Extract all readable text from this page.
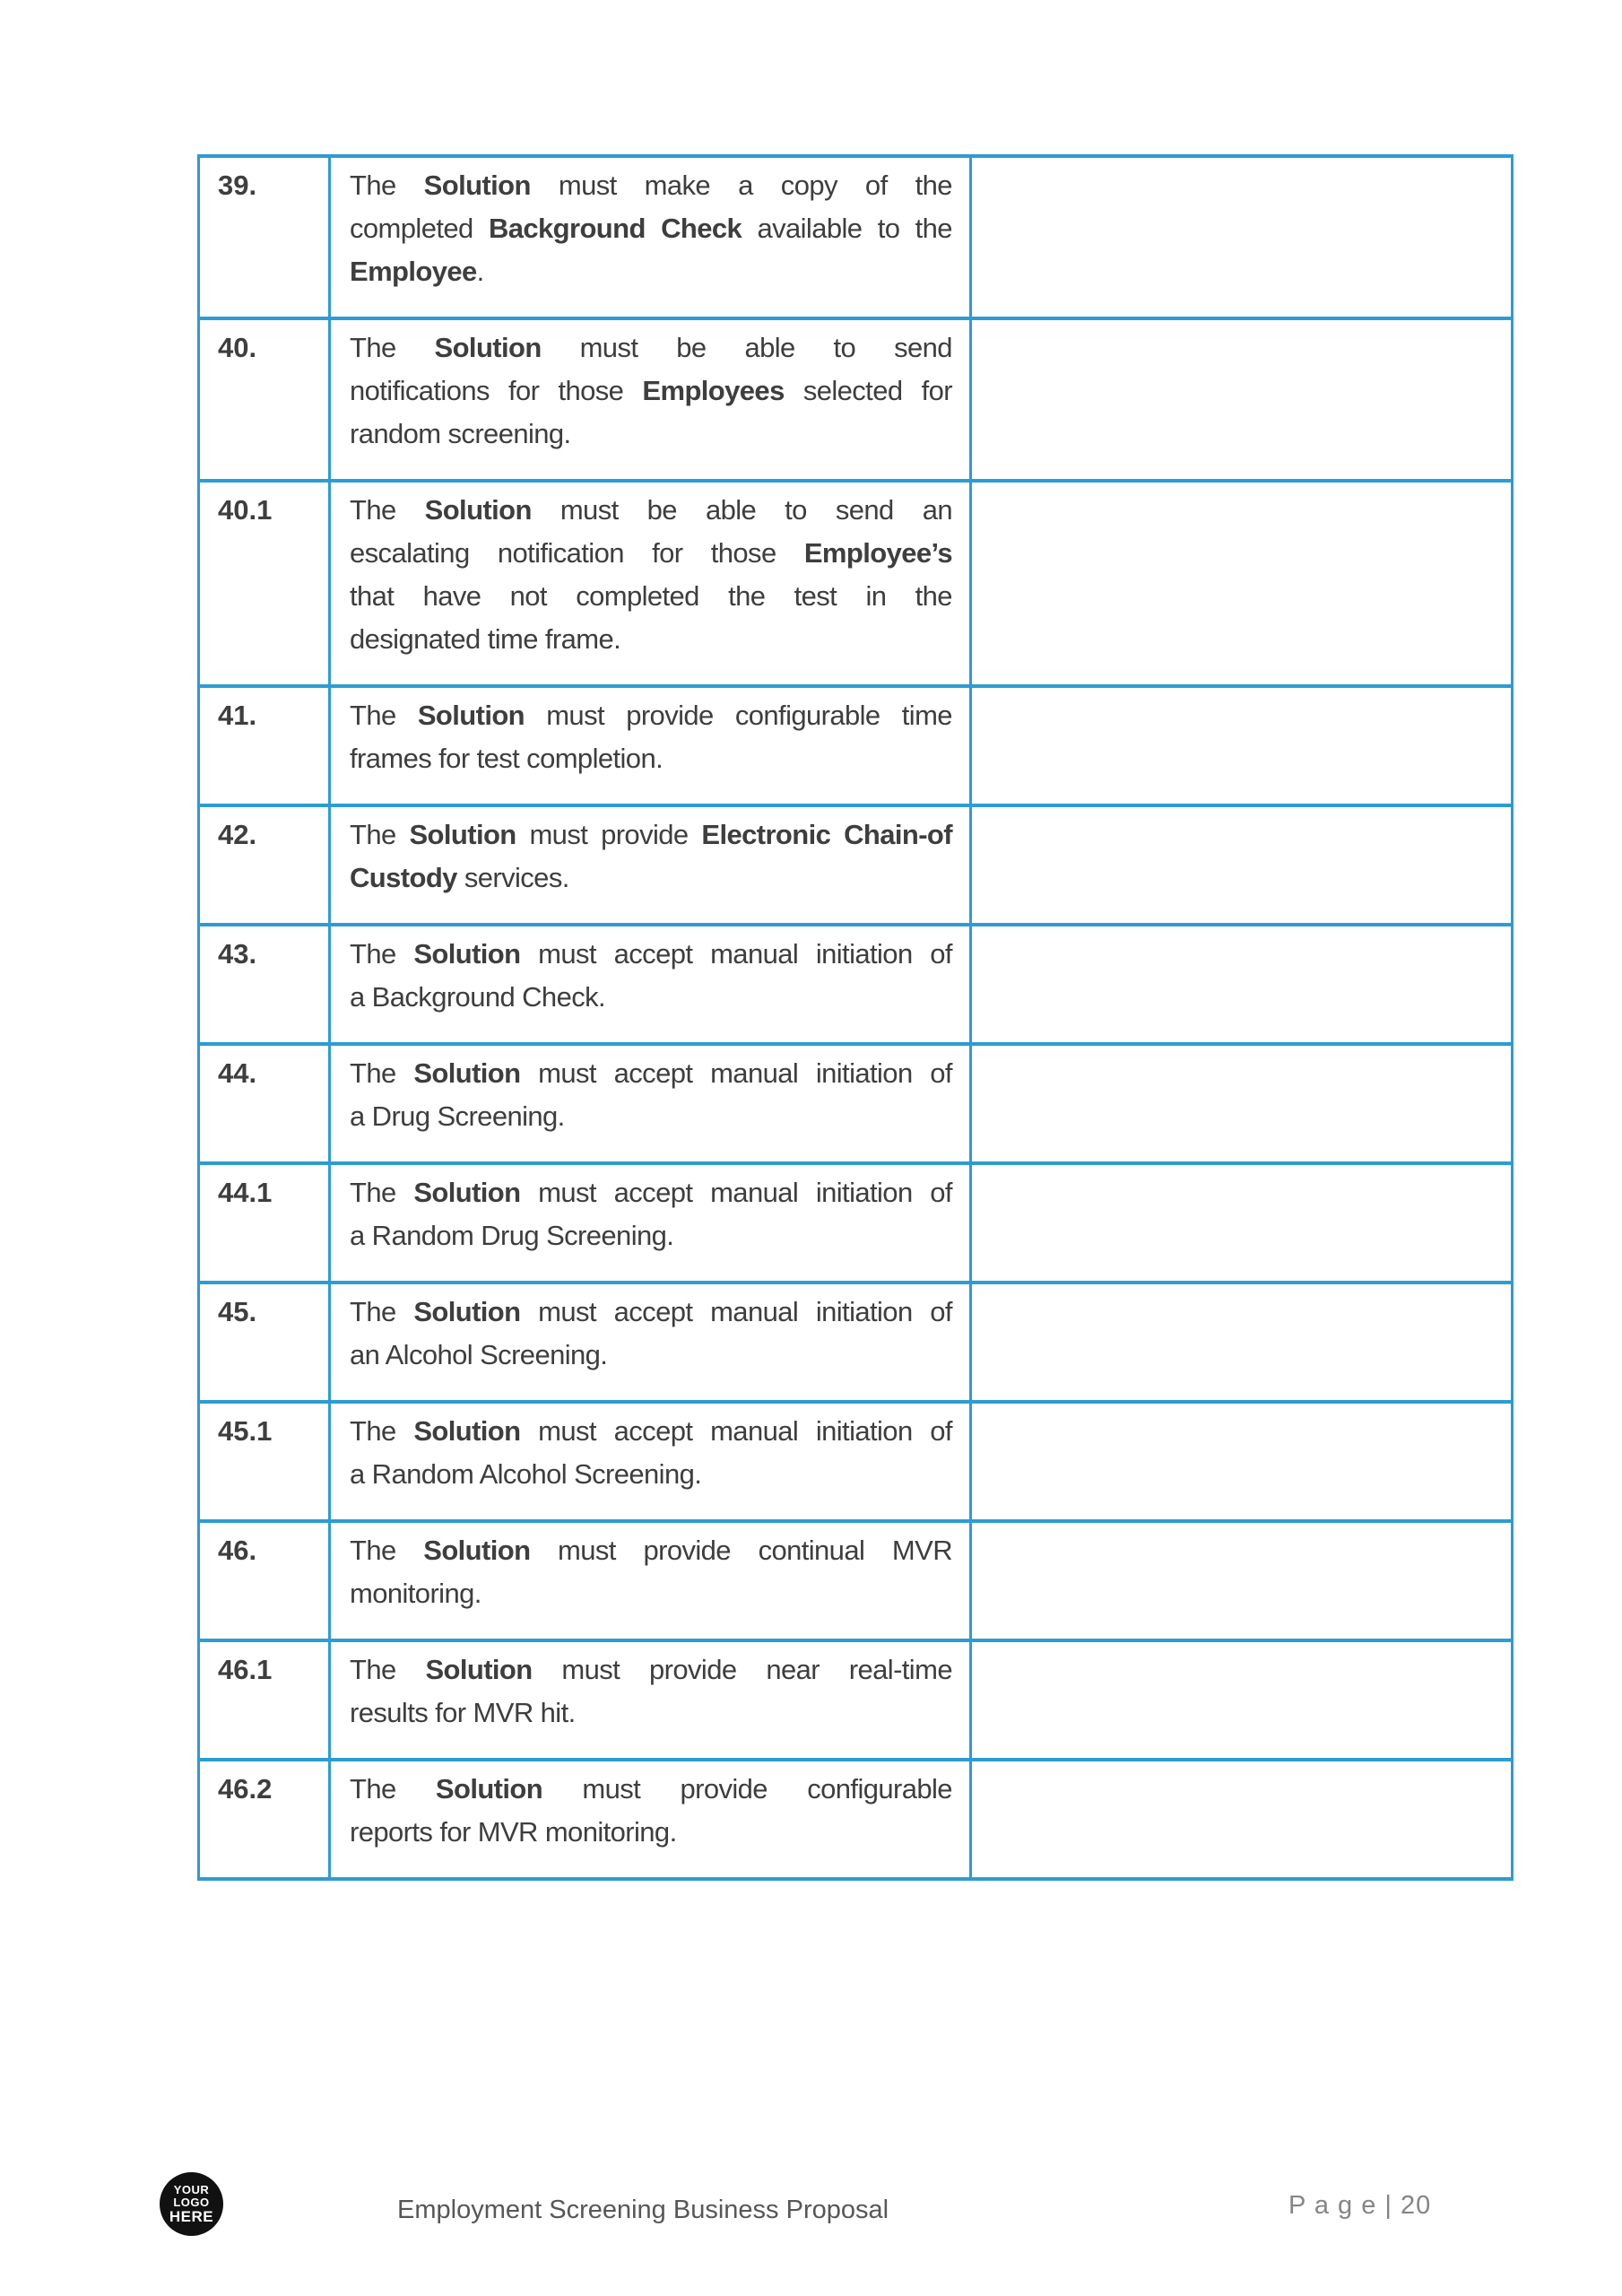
39.	The Solution must make a copy of the
completed Background Check available to the
Employee.

40.	The Solution must be able to send
notifications for those Employees selected for
random screening.

40.1	The Solution must be able to send an
escalating notification for those Employee’s
that have not completed the test in the
designated time frame.

41.	The Solution must provide configurable time
frames for test completion.

42.	The Solution must provide Electronic Chain-of
Custody services.

43.	The Solution must accept manual initiation of
a Background Check.

44.	The Solution must accept manual initiation of
a Drug Screening.

44.1	The Solution must accept manual initiation of
a Random Drug Screening.

45.	The Solution must accept manual initiation of
an Alcohol Screening.

45.1	The Solution must accept manual initiation of
a Random Alcohol Screening.

46.	The Solution must provide continual MVR
monitoring.

46.1	The Solution must provide near real-time
results for MVR hit.

46.2	The Solution must provide configurable
reports for MVR monitoring.

YOUR
LOGO
HERE	Employment Screening Business Proposal	P a g e | 20
